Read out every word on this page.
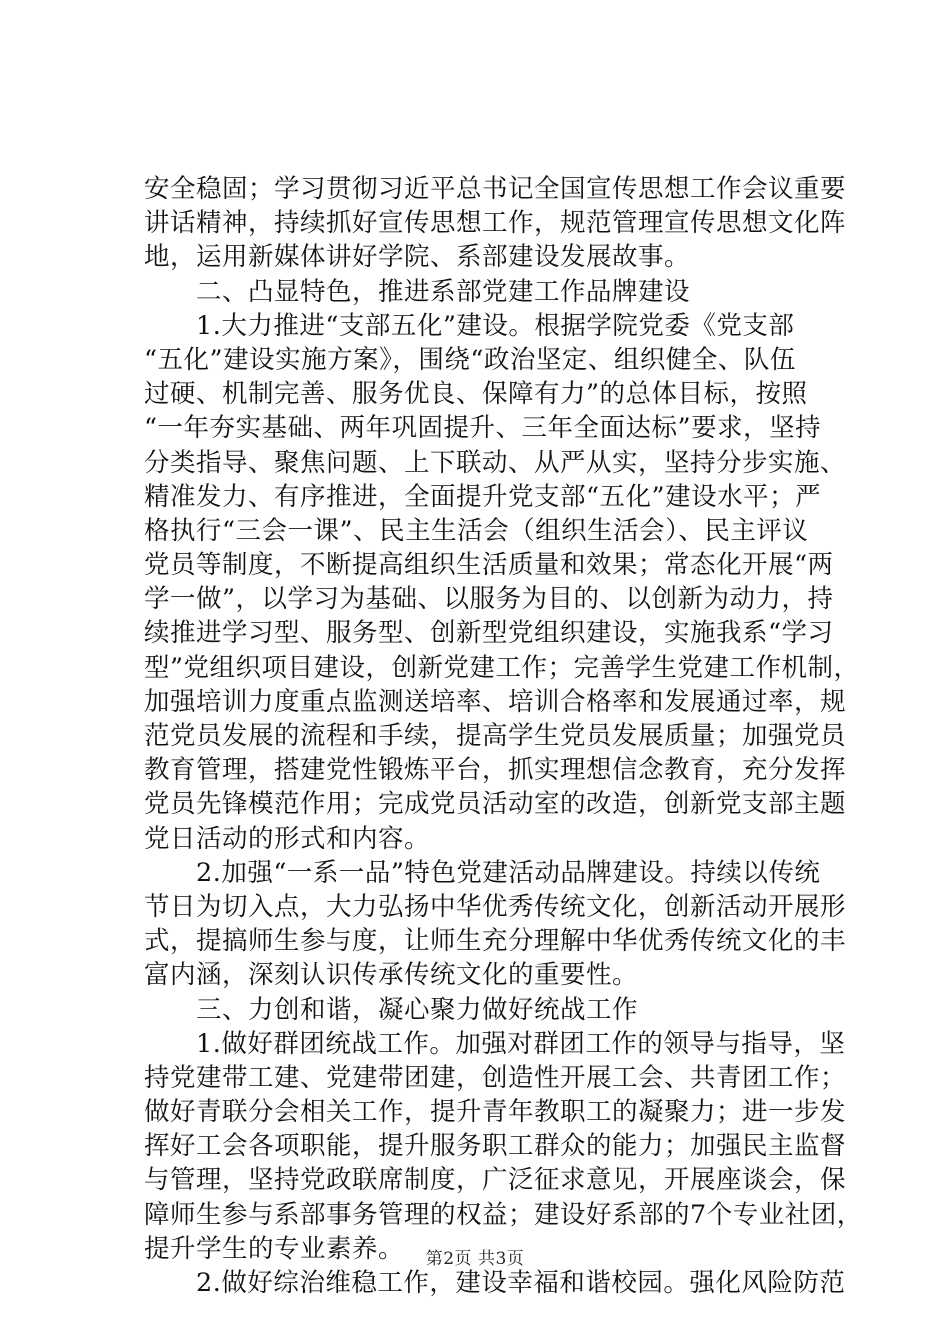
安全稳固；学习贯彻习近平总书记全国宣传思想工作会议重要
讲话精神，持续抓好宣传思想工作，规范管理宣传思想文化阵
地，运用新媒体讲好学院、系部建设发展故事。
二、凸显特色，推进系部党建工作品牌建设
1.大力推进“支部五化”建设。根据学院党委《党支部
“五化”建设实施方案》，围绕“政治坚定、组织健全、队伍
过硬、机制完善、服务优良、保障有力”的总体目标，按照
“一年夯实基础、两年巩固提升、三年全面达标”要求，坚持
分类指导、聚焦问题、上下联动、从严从实，坚持分步实施、
精准发力、有序推进，全面提升党支部“五化”建设水平；严
格执行“三会一课”、民主生活会（组织生活会）、民主评议
党员等制度，不断提高组织生活质量和效果；常态化开展“两
学一做”，以学习为基础、以服务为目的、以创新为动力，持
续推进学习型、服务型、创新型党组织建设，实施我系“学习
型”党组织项目建设，创新党建工作；完善学生党建工作机制，
加强培训力度重点监测送培率、培训合格率和发展通过率，规
范党员发展的流程和手续，提高学生党员发展质量；加强党员
教育管理，搭建党性锻炼平台，抓实理想信念教育，充分发挥
党员先锋模范作用；完成党员活动室的改造，创新党支部主题
党日活动的形式和内容。
2.加强“一系一品”特色党建活动品牌建设。持续以传统
节日为切入点，大力弘扬中华优秀传统文化，创新活动开展形
式，提搞师生参与度，让师生充分理解中华优秀传统文化的丰
富内涵，深刻认识传承传统文化的重要性。
三、力创和谐，凝心聚力做好统战工作
1.做好群团统战工作。加强对群团工作的领导与指导，坚
持党建带工建、党建带团建，创造性开展工会、共青团工作；
做好青联分会相关工作，提升青年教职工的凝聚力；进一步发
挥好工会各项职能，提升服务职工群众的能力；加强民主监督
与管理，坚持党政联席制度，广泛征求意见，开展座谈会，保
障师生参与系部事务管理的权益；建设好系部的7个专业社团，
提升学生的专业素养。
2.做好综治维稳工作，建设幸福和谐校园。强化风险防范
第2页 共3页
